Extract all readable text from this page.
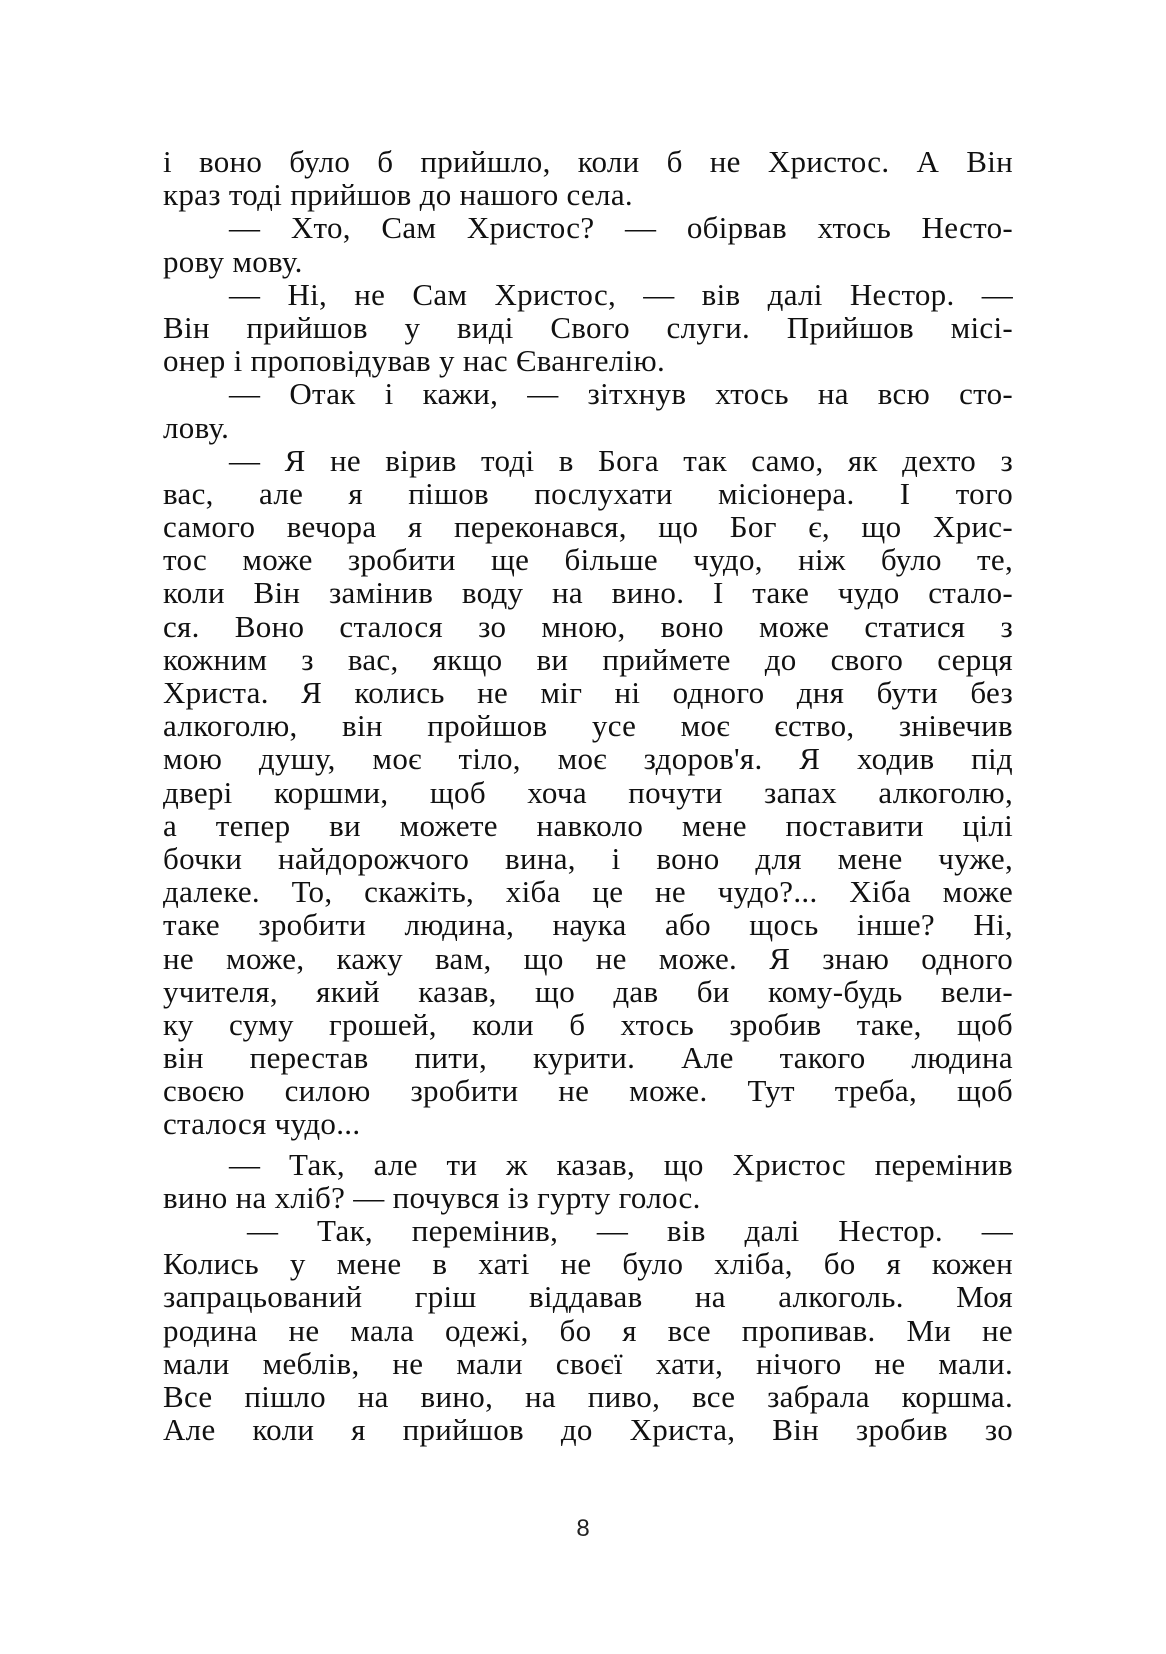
і воно було б прийшло, коли б не Христос. А Він
краз тоді прийшов до нашого села.
— Хто, Сам Христос? — обірвав хтось Несто-
рову мову.
— Ні, не Сам Христос, — вів далі Нестор. —
Він прийшов у виді Свого слуги. Прийшов місі-
онер і проповідував у нас Євангелію.
— Отак і кажи, — зітхнув хтось на всю сто-
лову.
— Я не вірив тоді в Бога так само, як дехто з
вас, але я пішов послухати місіонера. І того
самого вечора я переконався, що Бог є, що Хрис-
тос може зробити ще більше чудо, ніж було те,
коли Він замінив воду на вино. І таке чудо стало-
ся. Воно сталося зо мною, воно може статися з
кожним з вас, якщо ви приймете до свого серця
Христа. Я колись не міг ні одного дня бути без
алкоголю, він пройшов усе моє єство, знівечив
мою душу, моє тіло, моє здоров'я. Я ходив під
двері коршми, щоб хоча почути запах алкоголю,
а тепер ви можете навколо мене поставити цілі
бочки найдорожчого вина, і воно для мене чуже,
далеке. То, скажіть, хіба це не чудо?... Хіба може
таке зробити людина, наука або щось інше? Ні,
не може, кажу вам, що не може. Я знаю одного
учителя, який казав, що дав би кому-будь вели-
ку суму грошей, коли б хтось зробив таке, щоб
він перестав пити, курити. Але такого людина
своєю силою зробити не може. Тут треба, щоб
сталося чудо...
— Так, але ти ж казав, що Христос перемінив
вино на хліб? — почувся із гурту голос.
— Так, перемінив, — вів далі Нестор. —
Колись у мене в хаті не було хліба, бо я кожен
запрацьований гріш віддавав на алкоголь. Моя
родина не мала одежі, бо я все пропивав. Ми не
мали меблів, не мали своєї хати, нічого не мали.
Все пішло на вино, на пиво, все забрала коршма.
Але коли я прийшов до Христа, Він зробив зо
8
